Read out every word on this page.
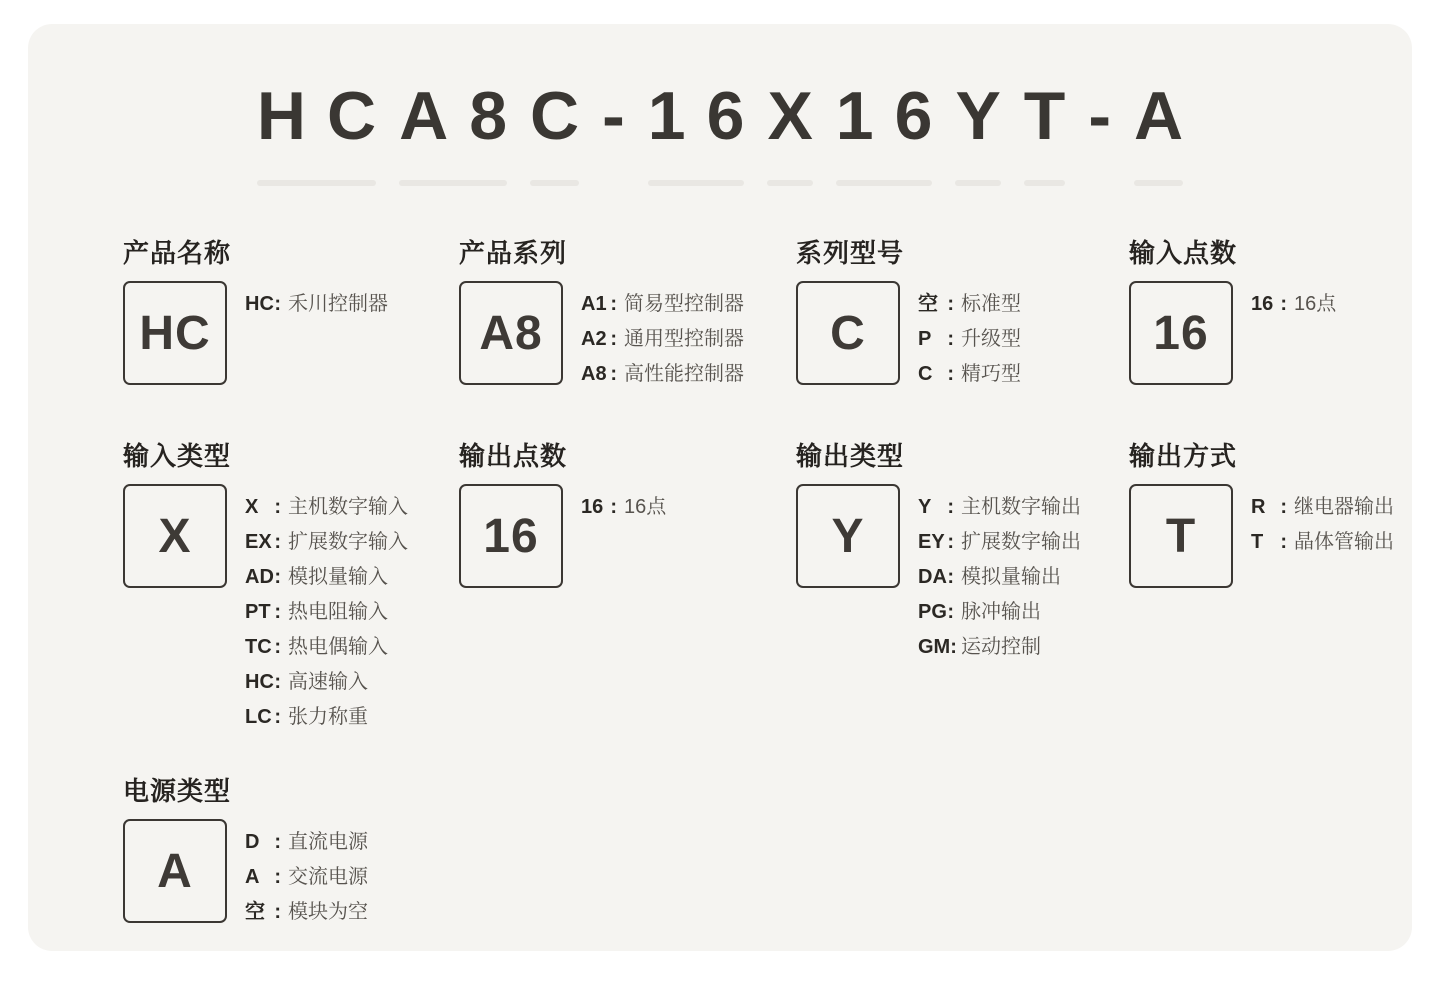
HC A8 C - 16 X 16 Y T - A
产品名称
HC
HC : 禾川控制器
产品系列
A8
A1 : 简易型控制器
A2 : 通用型控制器
A8 : 高性能控制器
系列型号
C
空 : 标准型
P : 升级型
C : 精巧型
输入点数
16
16 : 16点
输入类型
X
X : 主机数字输入
EX : 扩展数字输入
AD : 模拟量输入
PT : 热电阻输入
TC : 热电偶输入
HC : 高速输入
LC : 张力称重
输出点数
16
16 : 16点
输出类型
Y
Y : 主机数字输出
EY : 扩展数字输出
DA : 模拟量输出
PG : 脉冲输出
GM : 运动控制
输出方式
T
R : 继电器输出
T : 晶体管输出
电源类型
A
D : 直流电源
A : 交流电源
空 : 模块为空
